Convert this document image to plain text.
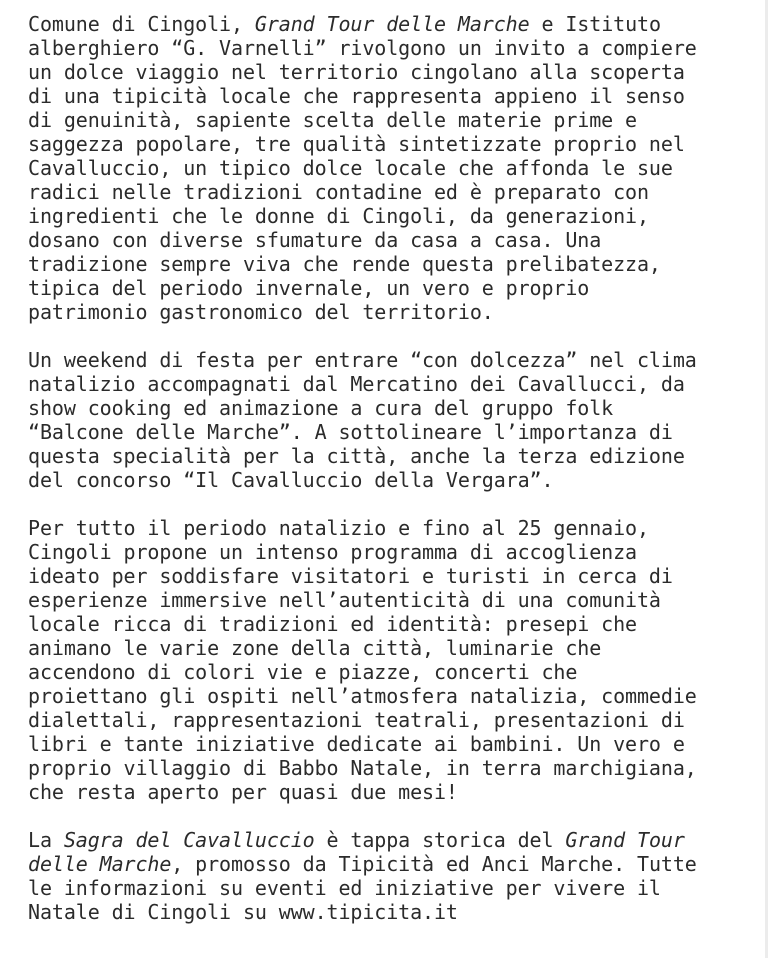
Comune di Cingoli, Grand Tour delle Marche e Istituto
alberghiero “G. Varnelli” rivolgono un invito a compiere
un dolce viaggio nel territorio cingolano alla scoperta
di una tipicità locale che rappresenta appieno il senso
di genuinità, sapiente scelta delle materie prime e
saggezza popolare, tre qualità sintetizzate proprio nel
Cavalluccio, un tipico dolce locale che affonda le sue
radici nelle tradizioni contadine ed è preparato con
ingredienti che le donne di Cingoli, da generazioni,
dosano con diverse sfumature da casa a casa. Una
tradizione sempre viva che rende questa prelibatezza,
tipica del periodo invernale, un vero e proprio
patrimonio gastronomico del territorio.

Un weekend di festa per entrare “con dolcezza” nel clima
natalizio accompagnati dal Mercatino dei Cavallucci, da
show cooking ed animazione a cura del gruppo folk
“Balcone delle Marche”. A sottolineare l’importanza di
questa specialità per la città, anche la terza edizione
del concorso “Il Cavalluccio della Vergara”.

Per tutto il periodo natalizio e fino al 25 gennaio,
Cingoli propone un intenso programma di accoglienza
ideato per soddisfare visitatori e turisti in cerca di
esperienze immersive nell’autenticità di una comunità
locale ricca di tradizioni ed identità: presepi che
animano le varie zone della città, luminarie che
accendono di colori vie e piazze, concerti che
proiettano gli ospiti nell’atmosfera natalizia, commedie
dialettali, rappresentazioni teatrali, presentazioni di
libri e tante iniziative dedicate ai bambini. Un vero e
proprio villaggio di Babbo Natale, in terra marchigiana,
che resta aperto per quasi due mesi!

La Sagra del Cavalluccio è tappa storica del Grand Tour
delle Marche, promosso da Tipicità ed Anci Marche. Tutte
le informazioni su eventi ed iniziative per vivere il
Natale di Cingoli su www.tipicita.it
